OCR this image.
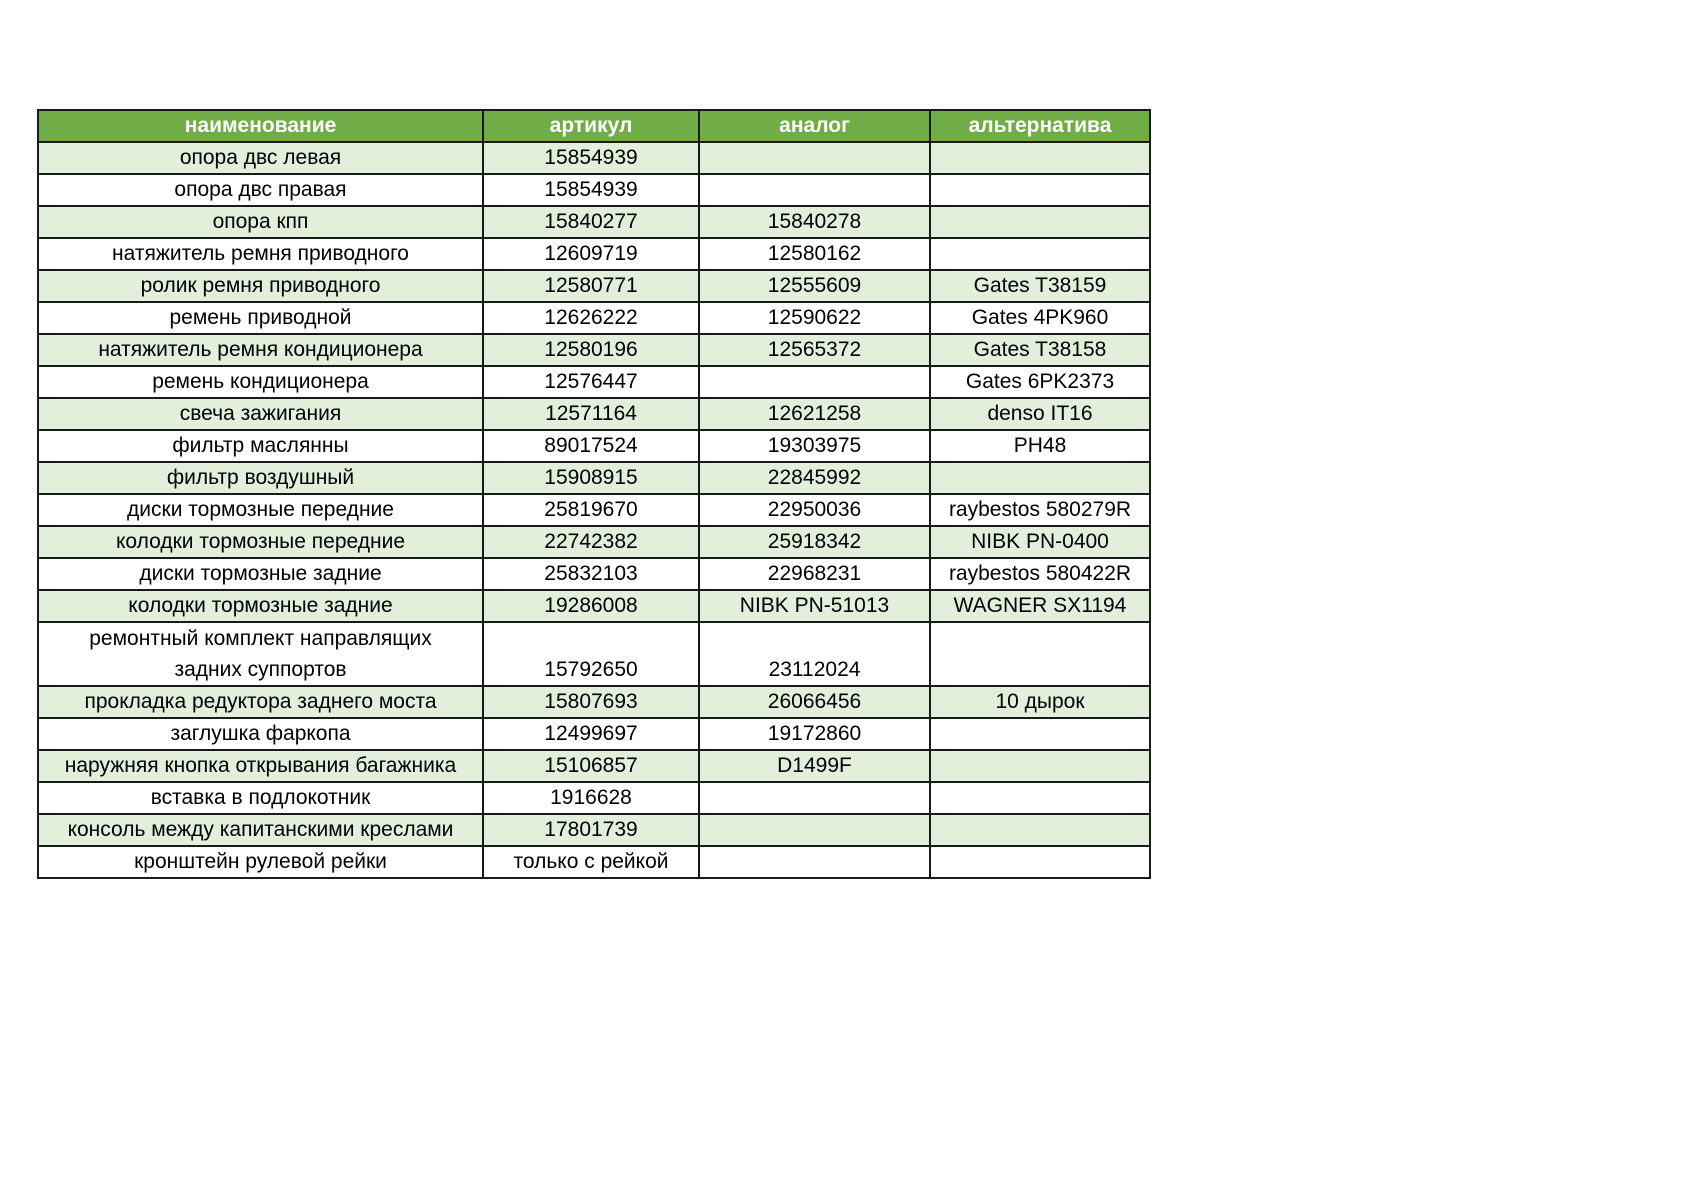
наименование	артикул	аналог	альтернатива
опора двс левая	15854939		
опора двс правая	15854939		
опора кпп	15840277	15840278	
натяжитель ремня приводного	12609719	12580162	
ролик ремня приводного	12580771	12555609	Gates T38159
ремень приводной	12626222	12590622	Gates 4PK960
натяжитель ремня кондиционера	12580196	12565372	Gates T38158
ремень кондиционера	12576447		Gates 6PK2373
свеча зажигания	12571164	12621258	denso IT16
фильтр маслянны	89017524	19303975	PH48
фильтр воздушный	15908915	22845992	
диски тормозные передние	25819670	22950036	raybestos 580279R
колодки тормозные передние	22742382	25918342	NIBK PN-0400
диски тормозные задние	25832103	22968231	raybestos 580422R
колодки тормозные задние	19286008	NIBK PN-51013	WAGNER SX1194

ремонтный комплект направлящих
задних суппортов	15792650	23112024	
прокладка редуктора заднего моста	15807693	26066456	10 дырок
заглушка фаркопа	12499697	19172860	
наружняя кнопка открывания багажника	15106857	D1499F	
вставка в подлокотник	1916628		
консоль между капитанскими креслами	17801739		
кронштейн рулевой рейки	только с рейкой		
